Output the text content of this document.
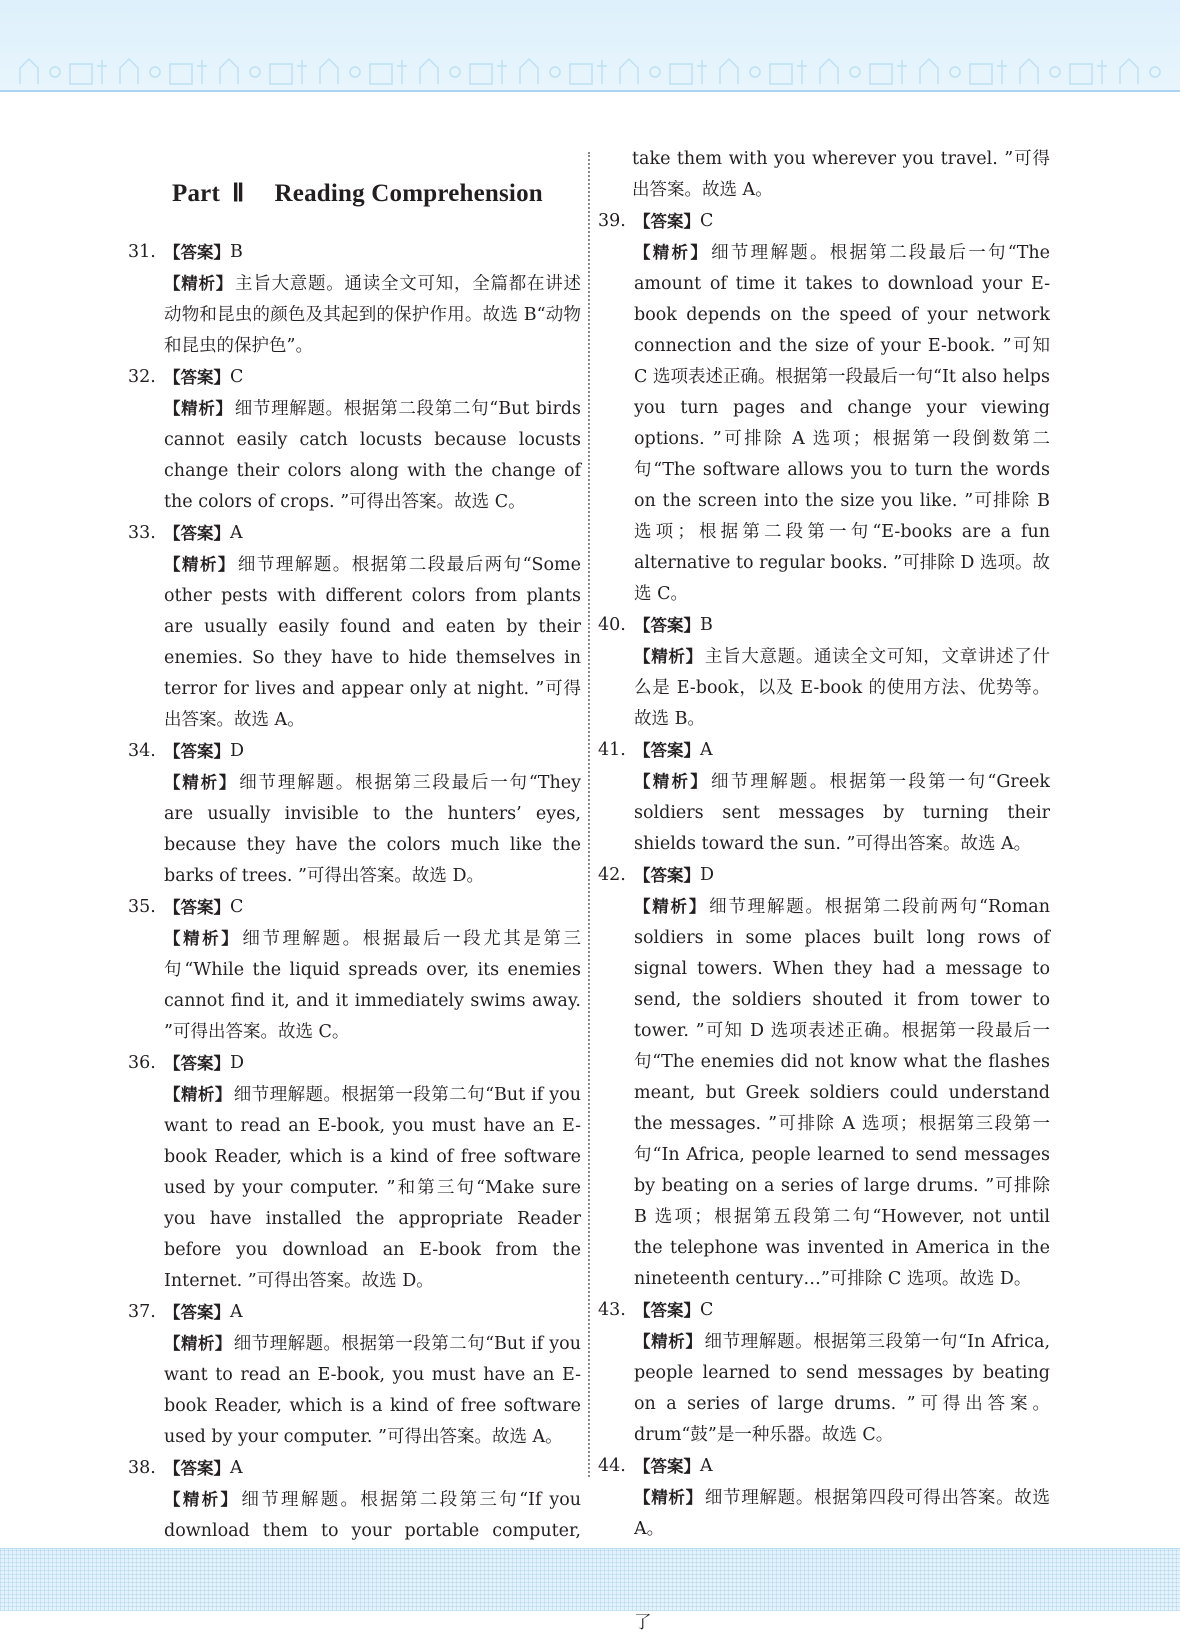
Part Ⅱ Reading Comprehension
31. 【答案】 B
【精析】 主旨大意题。通读全文可知，全篇都在讲述动物和昆虫的颜色及其起到的保护作用。故选 B“动物和昆虫的保护色”。
32. 【答案】 C
【精析】 细节理解题。根据第二段第二句“But birds cannot easily catch locusts because locusts change their colors along with the change of the colors of crops. ”可得出答案。故选 C。
33. 【答案】 A
【精析】 细节理解题。根据第二段最后两句“Some other pests with different colors from plants are usually easily found and eaten by their enemies. So they have to hide themselves in terror for lives and appear only at night. ”可得出答案。故选 A。
34. 【答案】 D
【精析】 细节理解题。根据第三段最后一句“They are usually invisible to the hunters’ eyes, because they have the colors much like the barks of trees. ”可得出答案。故选 D。
35. 【答案】 C
【精析】 细节理解题。根据最后一段尤其是第三句“While the liquid spreads over, its enemies cannot find it, and it immediately swims away. ”可得出答案。故选 C。
36. 【答案】 D
【精析】 细节理解题。根据第一段第二句“But if you want to read an E-book, you must have an E-book Reader, which is a kind of free software used by your computer. ”和第三句“Make sure you have installed the appropriate Reader before you download an E-book from the Internet. ”可得出答案。故选 D。
37. 【答案】 A
【精析】 细节理解题。根据第一段第二句“But if you want to read an E-book, you must have an E-book Reader, which is a kind of free software used by your computer. ”可得出答案。故选 A。
38. 【答案】 A
【精析】 细节理解题。根据第二段第三句“If you download them to your portable computer,
take them with you wherever you travel. ”可得出答案。故选 A。
39. 【答案】 C
【精析】 细节理解题。根据第二段最后一句“The amount of time it takes to download your E-book depends on the speed of your network connection and the size of your E-book. ”可知 C 选项表述正确。根据第一段最后一句“It also helps you turn pages and change your viewing options. ”可排除 A 选项；根据第一段倒数第二句“The software allows you to turn the words on the screen into the size you like. ”可排除 B 选项；根据第二段第一句“E-books are a fun alternative to regular books. ”可排除 D 选项。故选 C。
40. 【答案】 B
【精析】 主旨大意题。通读全文可知，文章讲述了什么是 E-book，以及 E-book 的使用方法、优势等。故选 B。
41. 【答案】 A
【精析】 细节理解题。根据第一段第一句“Greek soldiers sent messages by turning their shields toward the sun. ”可得出答案。故选 A。
42. 【答案】 D
【精析】 细节理解题。根据第二段前两句“Roman soldiers in some places built long rows of signal towers. When they had a message to send, the soldiers shouted it from tower to tower. ”可知 D 选项表述正确。根据第一段最后一句“The enemies did not know what the flashes meant, but Greek soldiers could understand the messages. ”可排除 A 选项；根据第三段第一句“In Africa, people learned to send messages by beating on a series of large drums. ”可排除 B 选项；根据第五段第二句“However, not until the telephone was invented in America in the nineteenth century…”可排除 C 选项。故选 D。
43. 【答案】 C
【精析】 细节理解题。根据第三段第一句“In Africa, people learned to send messages by beating on a series of large drums. ”可得出答案。drum“鼓”是一种乐器。故选 C。
44. 【答案】 A
【精析】 细节理解题。根据第四段可得出答案。故选 A。
了
